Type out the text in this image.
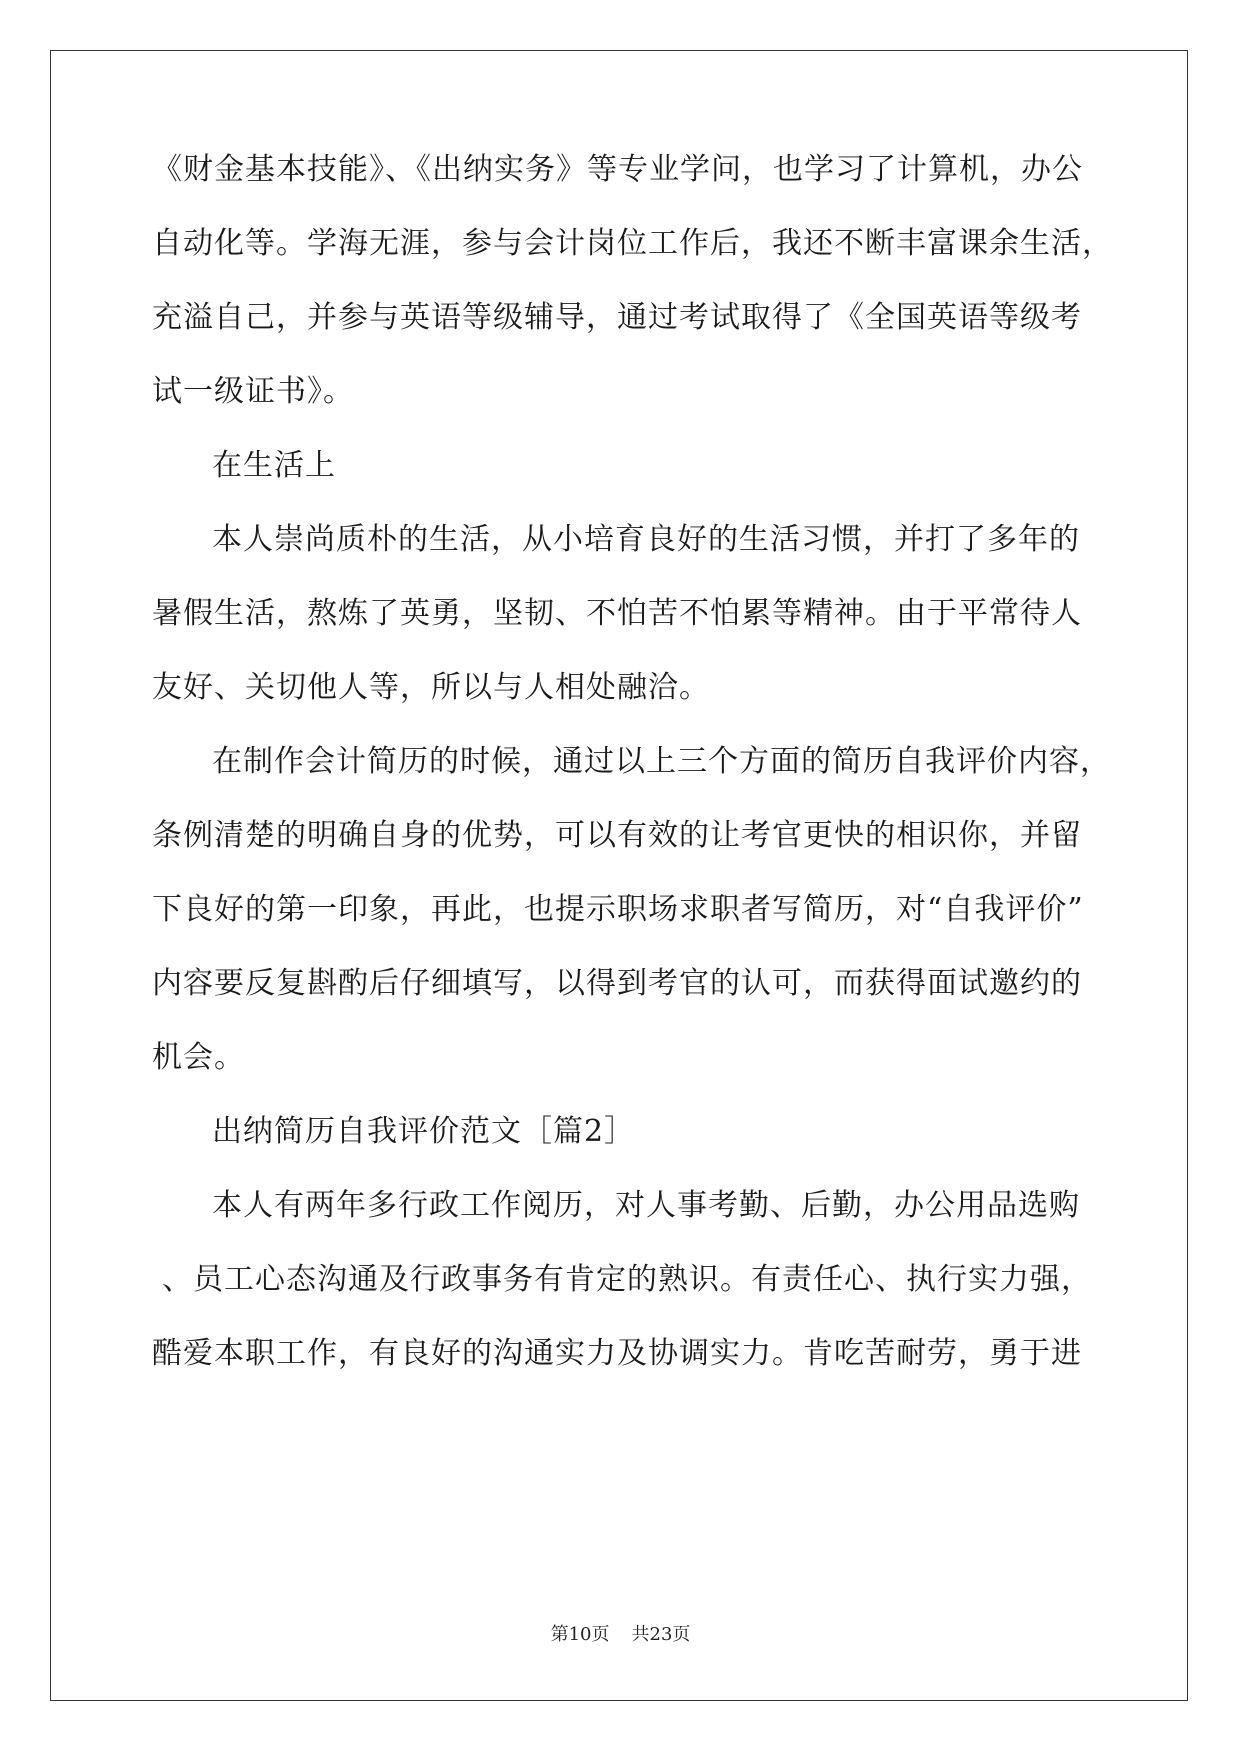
《财金基本技能》、《出纳实务》等专业学问，也学习了计算机，办公
自动化等。学海无涯，参与会计岗位工作后，我还不断丰富课余生活，
充溢自己，并参与英语等级辅导，通过考试取得了《全国英语等级考
试一级证书》。
在生活上
本人崇尚质朴的生活，从小培育良好的生活习惯，并打了多年的
暑假生活，熬炼了英勇，坚韧、不怕苦不怕累等精神。由于平常待人
友好、关切他人等，所以与人相处融洽。
在制作会计简历的时候，通过以上三个方面的简历自我评价内容，
条例清楚的明确自身的优势，可以有效的让考官更快的相识你，并留
下良好的第一印象，再此，也提示职场求职者写简历，对“自我评价”
内容要反复斟酌后仔细填写，以得到考官的认可，而获得面试邀约的
机会。
出纳简历自我评价范文［篇2］
本人有两年多行政工作阅历，对人事考勤、后勤，办公用品选购
、员工心态沟通及行政事务有肯定的熟识。有责任心、执行实力强，
酷爱本职工作，有良好的沟通实力及协调实力。肯吃苦耐劳，勇于进
第10页 共23页
